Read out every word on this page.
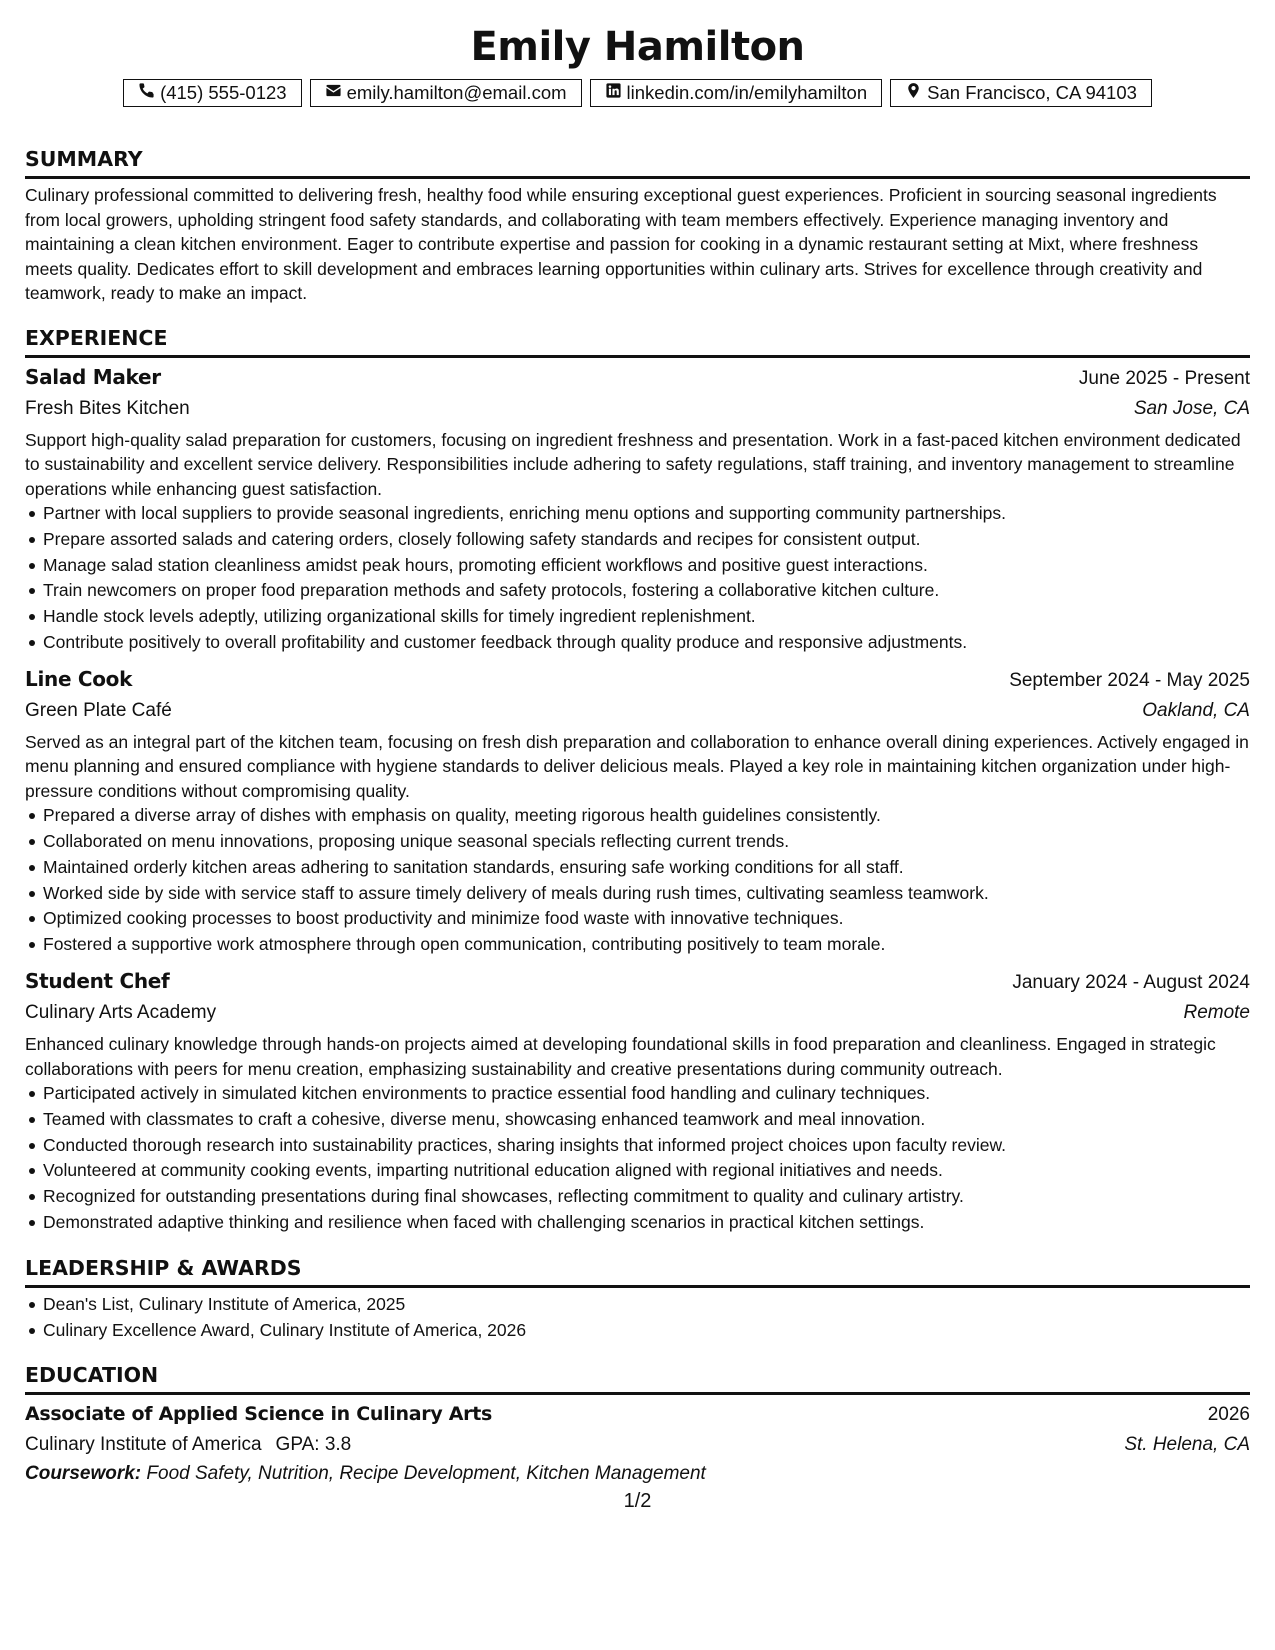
Emily Hamilton
(415) 555-0123	emily.hamilton@email.com	linkedin.com/in/emilyhamilton	San Francisco, CA 94103
SUMMARY

Culinary professional committed to delivering fresh, healthy food while ensuring exceptional guest experiences. Proficient in sourcing seasonal ingredients from local growers, upholding stringent food safety standards, and collaborating with team members effectively. Experience managing inventory and maintaining a clean kitchen environment. Eager to contribute expertise and passion for cooking in a dynamic restaurant setting at Mixt, where freshness meets quality. Dedicates effort to skill development and embraces learning opportunities within culinary arts. Strives for excellence through creativity and teamwork, ready to make an impact.

EXPERIENCE
Salad Maker	June 2025 - Present
Fresh Bites Kitchen	San Jose, CA

Support high-quality salad preparation for customers, focusing on ingredient freshness and presentation. Work in a fast-paced kitchen environment dedicated to sustainability and excellent service delivery. Responsibilities include adhering to safety regulations, staff training, and inventory management to streamline operations while enhancing guest satisfaction.

Partner with local suppliers to provide seasonal ingredients, enriching menu options and supporting community partnerships.
Prepare assorted salads and catering orders, closely following safety standards and recipes for consistent output.
Manage salad station cleanliness amidst peak hours, promoting efficient workflows and positive guest interactions.
Train newcomers on proper food preparation methods and safety protocols, fostering a collaborative kitchen culture.
Handle stock levels adeptly, utilizing organizational skills for timely ingredient replenishment.
Contribute positively to overall profitability and customer feedback through quality produce and responsive adjustments.
Line Cook	September 2024 - May 2025
Green Plate Café	Oakland, CA

Served as an integral part of the kitchen team, focusing on fresh dish preparation and collaboration to enhance overall dining experiences. Actively engaged in menu planning and ensured compliance with hygiene standards to deliver delicious meals. Played a key role in maintaining kitchen organization under high-pressure conditions without compromising quality.

Prepared a diverse array of dishes with emphasis on quality, meeting rigorous health guidelines consistently.
Collaborated on menu innovations, proposing unique seasonal specials reflecting current trends.
Maintained orderly kitchen areas adhering to sanitation standards, ensuring safe working conditions for all staff.
Worked side by side with service staff to assure timely delivery of meals during rush times, cultivating seamless teamwork.
Optimized cooking processes to boost productivity and minimize food waste with innovative techniques.
Fostered a supportive work atmosphere through open communication, contributing positively to team morale.
Student Chef	January 2024 - August 2024
Culinary Arts Academy	Remote

Enhanced culinary knowledge through hands-on projects aimed at developing foundational skills in food preparation and cleanliness. Engaged in strategic collaborations with peers for menu creation, emphasizing sustainability and creative presentations during community outreach.

Participated actively in simulated kitchen environments to practice essential food handling and culinary techniques.
Teamed with classmates to craft a cohesive, diverse menu, showcasing enhanced teamwork and meal innovation.
Conducted thorough research into sustainability practices, sharing insights that informed project choices upon faculty review.
Volunteered at community cooking events, imparting nutritional education aligned with regional initiatives and needs.
Recognized for outstanding presentations during final showcases, reflecting commitment to quality and culinary artistry.
Demonstrated adaptive thinking and resilience when faced with challenging scenarios in practical kitchen settings.
LEADERSHIP & AWARDS
Dean's List, Culinary Institute of America, 2025
Culinary Excellence Award, Culinary Institute of America, 2026
EDUCATION
Associate of Applied Science in Culinary Arts	2026
Culinary Institute of America GPA: 3.8	St. Helena, CA
Coursework: Food Safety, Nutrition, Recipe Development, Kitchen Management
1/2
